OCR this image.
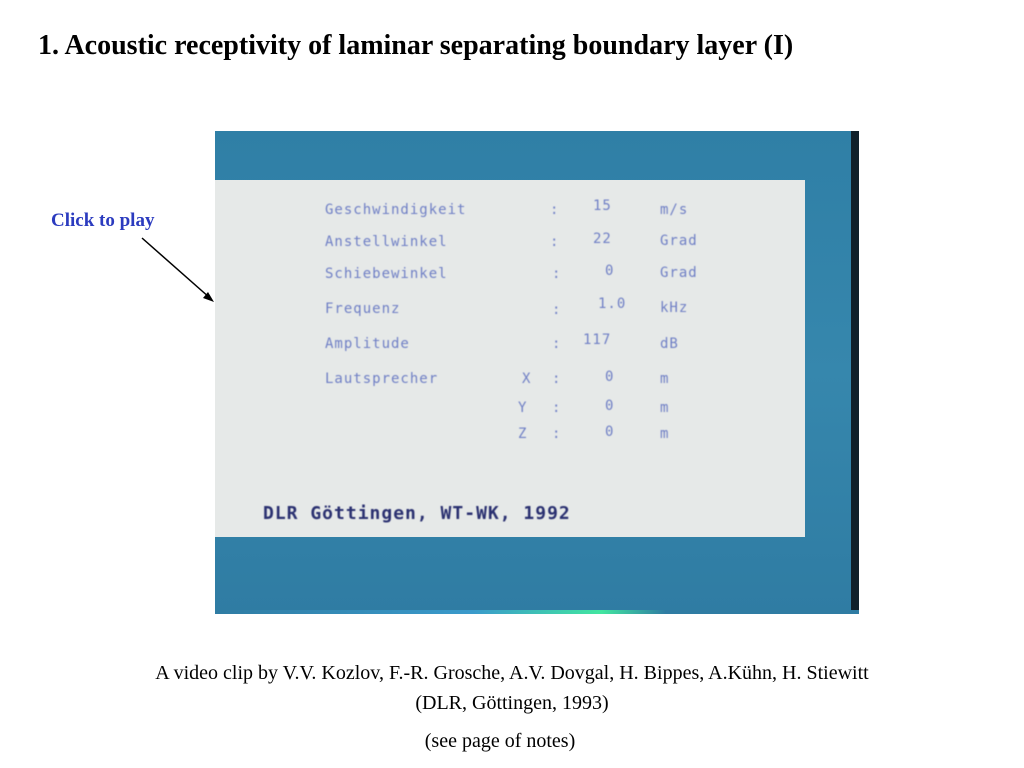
1. Acoustic receptivity of laminar separating boundary layer (I)
Click to play	Geschwindigkeit	: 15	m/s
Anstellwinkel	: 22	Grad
Schiebewinkel	:	0	Grad
Frequenz	:	1.0 kHz
Amplitude	: 117	dB
Lautsprecher	X :	0	m
Y :	0	m
Z :	0	m
DLR Göttingen, WT-WK, 1992
A video clip by V.V. Kozlov, F.-R. Grosche, A.V. Dovgal, H. Bippes, A.Kühn, H. Stiewitt
(DLR, Göttingen, 1993)
(see page of notes)
